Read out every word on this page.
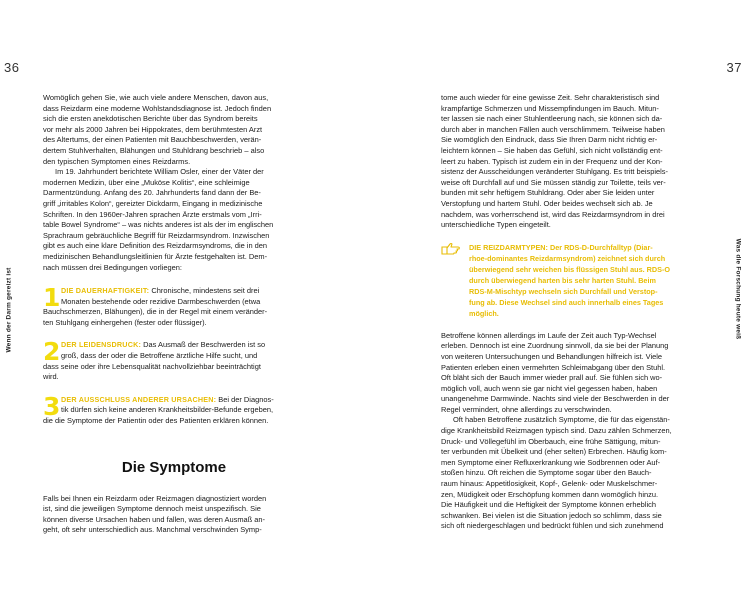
36	37
Wenn der Darm gereizt ist	Was die Forschung heute weiß
Womöglich gehen Sie, wie auch viele andere Menschen, davon aus,
dass Reizdarm eine moderne Wohlstandsdiagnose ist. Jedoch finden
sich die ersten anekdotischen Berichte über das Syndrom bereits
vor mehr als 2000 Jahren bei Hippokrates, dem berühmtesten Arzt
des Altertums, der einen Patienten mit Bauchbeschwerden, verän-
dertem Stuhlverhalten, Blähungen und Stuhldrang beschrieb – also
den typischen Symptomen eines Reizdarms.
Im 19. Jahrhundert berichtete William Osler, einer der Väter der
modernen Medizin, über eine „Muköse Kolitis“, eine schleimige
Darmentzündung. Anfang des 20. Jahrhunderts fand dann der Be-
griff „irritables Kolon“, gereizter Dickdarm, Eingang in medizinische
Schriften. In den 1960er-Jahren sprachen Ärzte erstmals vom „Irri-
table Bowel Syndrome“ – was nichts anderes ist als der im englischen
Sprachraum gebräuchliche Begriff für Reizdarmsyndrom. Inzwischen
gibt es auch eine klare Definition des Reizdarmsyndroms, die in den
medizinischen Behandlungsleitlinien für Ärzte festgehalten ist. Dem-
nach müssen drei Bedingungen vorliegen:
1 DIE DAUERHAFTIGKEIT: Chronische, mindestens seit drei
Monaten bestehende oder rezidive Darmbeschwerden (etwa
Bauchschmerzen, Blähungen), die in der Regel mit einem veränder-
ten Stuhlgang einhergehen (fester oder flüssiger).
2 DER LEIDENSDRUCK: Das Ausmaß der Beschwerden ist so
groß, dass der oder die Betroffene ärztliche Hilfe sucht, und
dass seine oder ihre Lebensqualität nachvollziehbar beeinträchtigt
wird.
3 DER AUSSCHLUSS ANDERER URSACHEN: Bei der Diagnos-
tik dürfen sich keine anderen Krankheitsbilder-Befunde ergeben,
die die Symptome der Patientin oder des Patienten erklären können.
Die Symptome
Falls bei Ihnen ein Reizdarm oder Reizmagen diagnostiziert worden
ist, sind die jeweiligen Symptome dennoch meist unspezifisch. Sie
können diverse Ursachen haben und fallen, was deren Ausmaß an-
geht, oft sehr unterschiedlich aus. Manchmal verschwinden Symp-
tome auch wieder für eine gewisse Zeit. Sehr charakteristisch sind
krampfartige Schmerzen und Missempfindungen im Bauch. Mitun-
ter lassen sie nach einer Stuhlentleerung nach, sie können sich da-
durch aber in manchen Fällen auch verschlimmern. Teilweise haben
Sie womöglich den Eindruck, dass Sie Ihren Darm nicht richtig er-
leichtern können – Sie haben das Gefühl, sich nicht vollständig ent-
leert zu haben. Typisch ist zudem ein in der Frequenz und der Kon-
sistenz der Ausscheidungen veränderter Stuhlgang. Es tritt beispiels-
weise oft Durchfall auf und Sie müssen ständig zur Toilette, teils ver-
bunden mit sehr heftigem Stuhldrang. Oder aber Sie leiden unter
Verstopfung und hartem Stuhl. Oder beides wechselt sich ab. Je
nachdem, was vorherrschend ist, wird das Reizdarmsyndrom in drei
unterschiedliche Typen eingeteilt.
DIE REIZDARMTYPEN: Der RDS-D-Durchfalltyp (Diar-
rhoe-dominantes Reizdarmsyndrom) zeichnet sich durch
überwiegend sehr weichen bis flüssigen Stuhl aus. RDS-O
durch überwiegend harten bis sehr harten Stuhl. Beim
RDS-M-Mischtyp wechseln sich Durchfall und Verstop-
fung ab. Diese Wechsel sind auch innerhalb eines Tages
möglich.
Betroffene können allerdings im Laufe der Zeit auch Typ-Wechsel
erleben. Dennoch ist eine Zuordnung sinnvoll, da sie bei der Planung
von weiteren Untersuchungen und Behandlungen hilfreich ist. Viele
Patienten erleben einen vermehrten Schleimabgang über den Stuhl.
Oft bläht sich der Bauch immer wieder prall auf. Sie fühlen sich wo-
möglich voll, auch wenn sie gar nicht viel gegessen haben, haben
unangenehme Darmwinde. Nachts sind viele der Beschwerden in der
Regel vermindert, ohne allerdings zu verschwinden.
Oft haben Betroffene zusätzlich Symptome, die für das eigenstän-
dige Krankheitsbild Reizmagen typisch sind. Dazu zählen Schmerzen,
Druck- und Völlegefühl im Oberbauch, eine frühe Sättigung, mitun-
ter verbunden mit Übelkeit und (eher selten) Erbrechen. Häufig kom-
men Symptome einer Refluxerkrankung wie Sodbrennen oder Auf-
stoßen hinzu. Oft reichen die Symptome sogar über den Bauch-
raum hinaus: Appetitlosigkeit, Kopf-, Gelenk- oder Muskelschmer-
zen, Müdigkeit oder Erschöpfung kommen dann womöglich hinzu.
Die Häufigkeit und die Heftigkeit der Symptome können erheblich
schwanken. Bei vielen ist die Situation jedoch so schlimm, dass sie
sich oft niedergeschlagen und bedrückt fühlen und sich zunehmend
